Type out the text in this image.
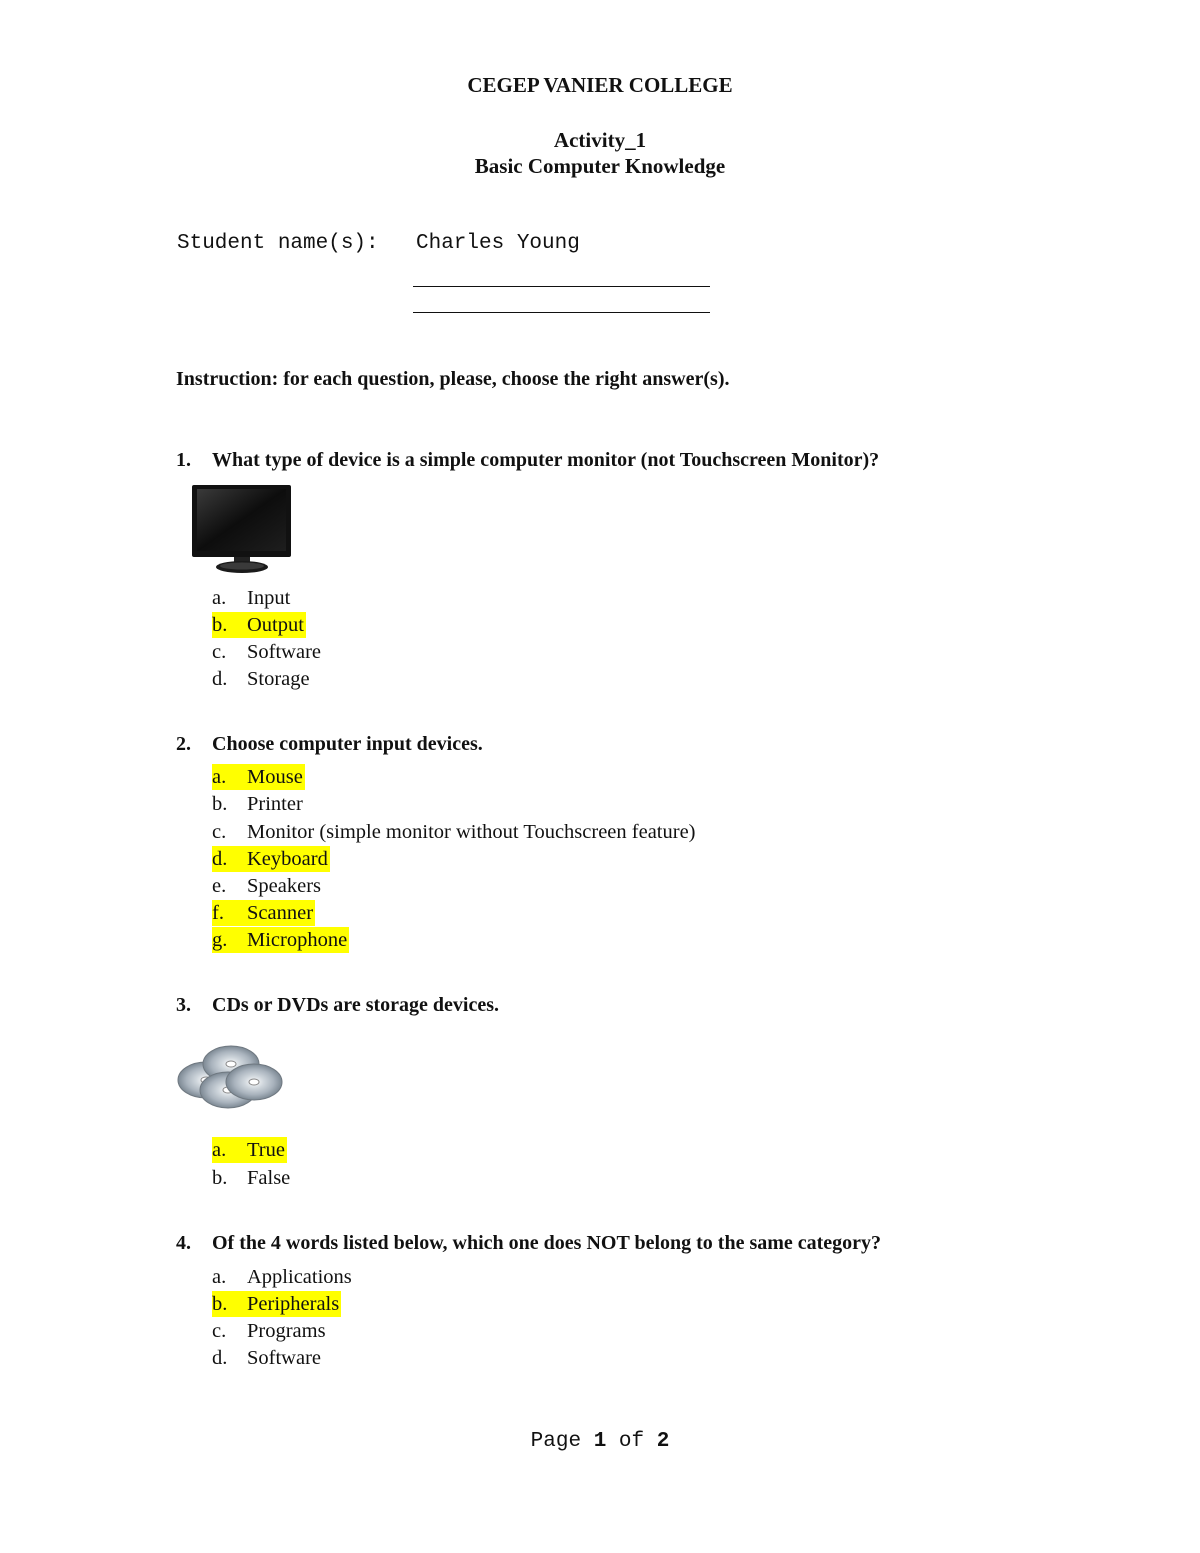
CEGEP VANIER COLLEGE
Activity_1
Basic Computer Knowledge
Student name(s): Charles Young
Instruction: for each question, please, choose the right answer(s).
1. What type of device is a simple computer monitor (not Touchscreen Monitor)?
a. Input
b. Output
c. Software
d. Storage
2. Choose computer input devices.
a. Mouse
b. Printer
c. Monitor (simple monitor without Touchscreen feature)
d. Keyboard
e. Speakers
f. Scanner
g. Microphone
3. CDs or DVDs are storage devices.
a. True
b. False
4. Of the 4 words listed below, which one does NOT belong to the same category?
a. Applications
b. Peripherals
c. Programs
d. Software
Page 1 of 2
